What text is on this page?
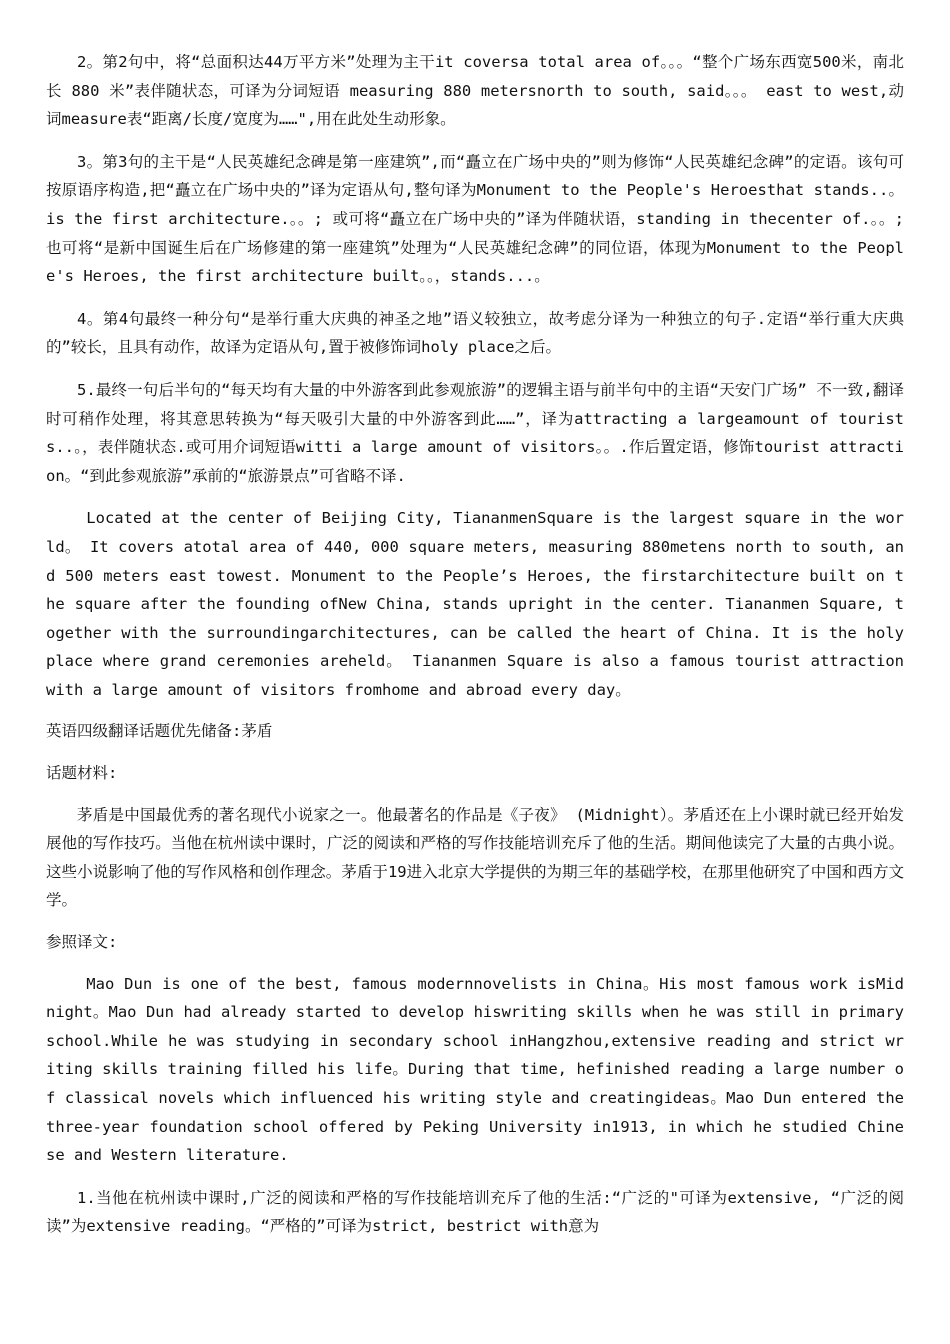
2。第2句中，将“总面积达44万平方米”处理为主干it coversa total area of。。。“整个广场东西宽500米，南北长 880 米”表伴随状态，可译为分词短语 measuring 880 metersnorth to south, said。。。 east to west,动词measure表“距离/长度/宽度为……",用在此处生动形象。

3。第3句的主干是“人民英雄纪念碑是第一座建筑”,而“矗立在广场中央的”则为修饰“人民英雄纪念碑”的定语。该句可按原语序构造,把“矗立在广场中央的”译为定语从句,整句译为Monument to the People's Heroesthat stands..。 is the first architecture.。。; 或可将“矗立在广场中央的”译为伴随状语，standing in thecenter of.。。;也可将“是新中国诞生后在广场修建的第一座建筑”处理为“人民英雄纪念碑”的同位语，体现为Monument to the People's Heroes, the first architecture built。。，stands...。

4。第4句最终一种分句“是举行重大庆典的神圣之地”语义较独立，故考虑分译为一种独立的句子.定语“举行重大庆典的”较长，且具有动作，故译为定语从句,置于被修饰词holy place之后。

5.最终一句后半句的“每天均有大量的中外游客到此参观旅游”的逻辑主语与前半句中的主语“天安门广场” 不一致,翻译时可稍作处理，将其意思转换为“每天吸引大量的中外游客到此……”，译为attracting a largeamount of tourists..。，表伴随状态.或可用介词短语witti a large amount of visitors。。.作后置定语，修饰tourist attraction。“到此参观旅游”承前的“旅游景点”可省略不译.

Located at the center of Beijing City, TiananmenSquare is the largest square in the world。 It covers atotal area of 440, 000 square meters, measuring 880metens north to south, and 500 meters east towest. Monument to the People’s Heroes, the firstarchitecture built on the square after the founding ofNew China, stands upright in the center. Tiananmen Square, together with the surroundingarchitectures, can be called the heart of China. It is the holy place where grand ceremonies areheld。 Tiananmen Square is also a famous tourist attraction with a large amount of visitors fromhome and abroad every day。

英语四级翻译话题优先储备:茅盾

话题材料:

茅盾是中国最优秀的著名现代小说家之一。他最著名的作品是《子夜》 (Midnight）。茅盾还在上小课时就已经开始发展他的写作技巧。当他在杭州读中课时，广泛的阅读和严格的写作技能培训充斥了他的生活。期间他读完了大量的古典小说。这些小说影响了他的写作风格和创作理念。茅盾于19进入北京大学提供的为期三年的基础学校，在那里他研究了中国和西方文学。

参照译文:

Mao Dun is one of the best, famous modernnovelists in China。His most famous work isMidnight。Mao Dun had already started to develop hiswriting skills when he was still in primaryschool.While he was studying in secondary school inHangzhou,extensive reading and strict writing skills training filled his life。During that time, hefinished reading a large number of classical novels which influenced his writing style and creatingideas。Mao Dun entered the three-year foundation school offered by Peking University in1913, in which he studied Chinese and Western literature.

1.当他在杭州读中课时,广泛的阅读和严格的写作技能培训充斥了他的生活:“广泛的"可译为extensive, “广泛的阅读”为extensive reading。“严格的”可译为strict, bestrict with意为
